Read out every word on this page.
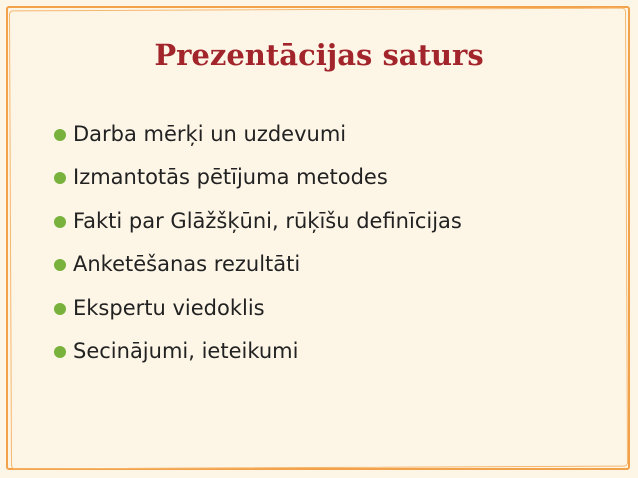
Prezentācijas saturs
Darba mērķi un uzdevumi
Izmantotās pētījuma metodes
Fakti par Glāžšķūni, rūķīšu definīcijas
Anketēšanas rezultāti
Ekspertu viedoklis
Secinājumi, ieteikumi
